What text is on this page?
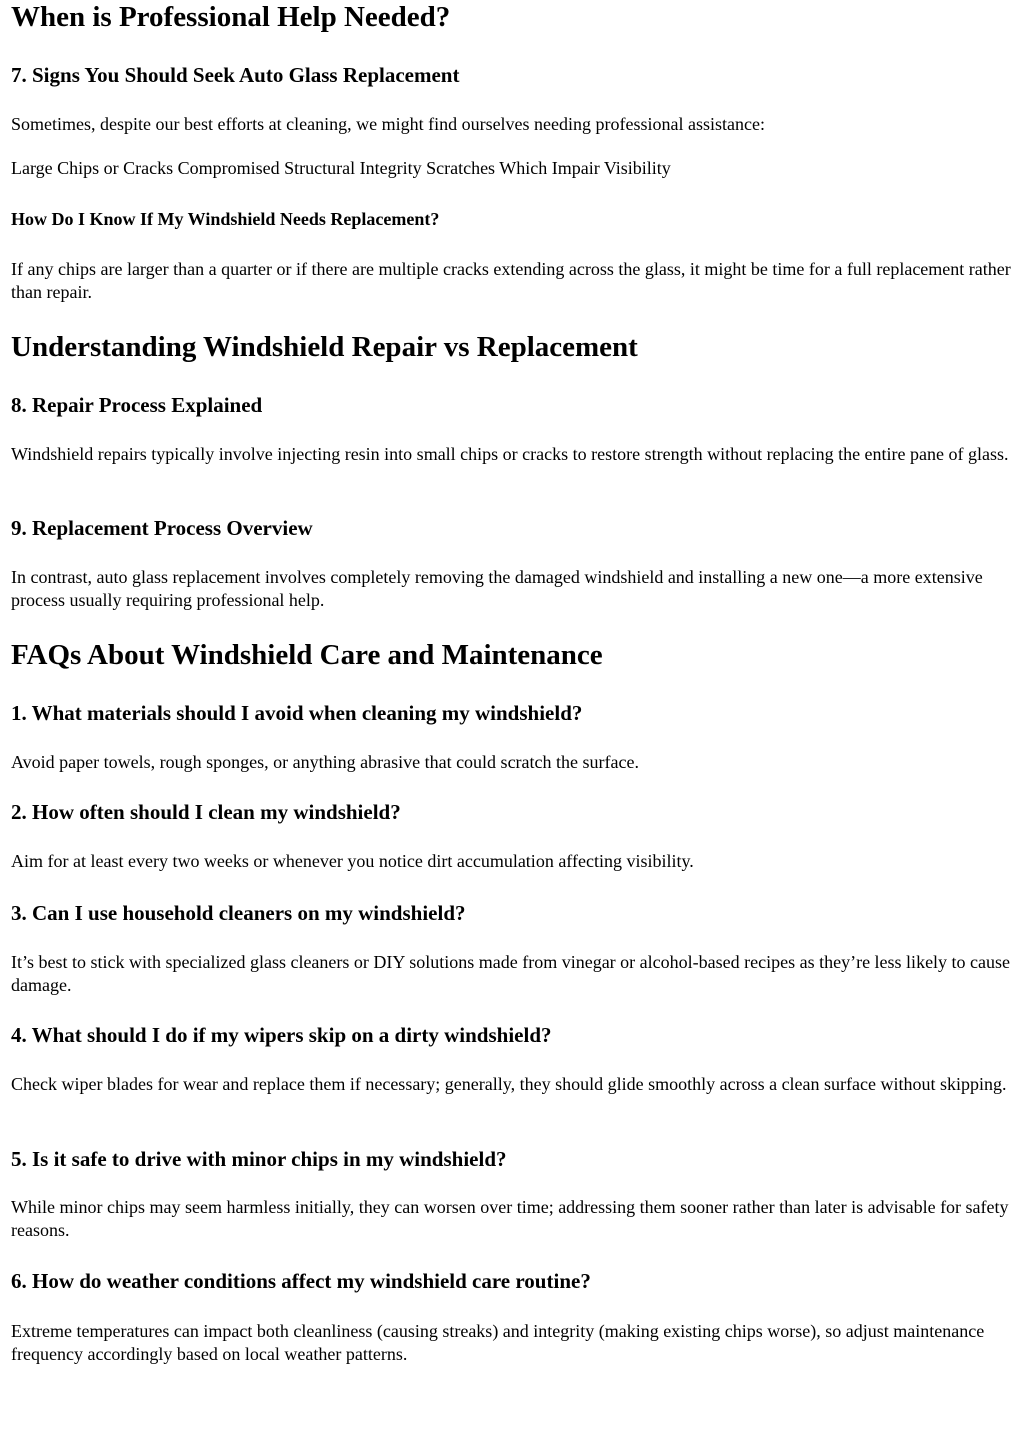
When is Professional Help Needed?
7. Signs You Should Seek Auto Glass Replacement

Sometimes, despite our best efforts at cleaning, we might find ourselves needing professional assistance:

Large Chips or Cracks Compromised Structural Integrity Scratches Which Impair Visibility

How Do I Know If My Windshield Needs Replacement?

If any chips are larger than a quarter or if there are multiple cracks extending across the glass, it might be time for a full replacement rather than repair.

Understanding Windshield Repair vs Replacement
8. Repair Process Explained

Windshield repairs typically involve injecting resin into small chips or cracks to restore strength without replacing the entire pane of glass.

9. Replacement Process Overview

In contrast, auto glass replacement involves completely removing the damaged windshield and installing a new one—a more extensive process usually requiring professional help.

FAQs About Windshield Care and Maintenance
1. What materials should I avoid when cleaning my windshield?

Avoid paper towels, rough sponges, or anything abrasive that could scratch the surface.

2. How often should I clean my windshield?

Aim for at least every two weeks or whenever you notice dirt accumulation affecting visibility.

3. Can I use household cleaners on my windshield?

It’s best to stick with specialized glass cleaners or DIY solutions made from vinegar or alcohol-based recipes as they’re less likely to cause damage.

4. What should I do if my wipers skip on a dirty windshield?

Check wiper blades for wear and replace them if necessary; generally, they should glide smoothly across a clean surface without skipping.

5. Is it safe to drive with minor chips in my windshield?

While minor chips may seem harmless initially, they can worsen over time; addressing them sooner rather than later is advisable for safety reasons.

6. How do weather conditions affect my windshield care routine?

Extreme temperatures can impact both cleanliness (causing streaks) and integrity (making existing chips worse), so adjust maintenance frequency accordingly based on local weather patterns.
